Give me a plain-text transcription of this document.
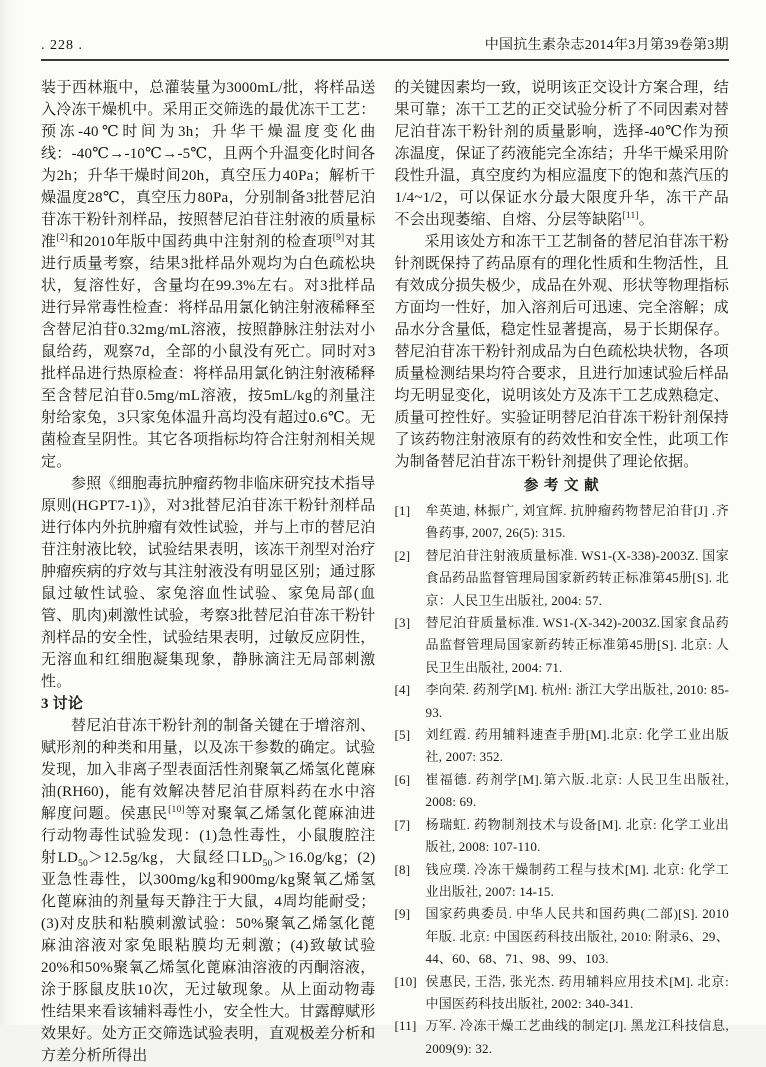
. 228 .	中国抗生素杂志2014年3月第39卷第3期

装于西林瓶中，总灌装量为3000mL/批，将样品送入冷冻干燥机中。采用正交筛选的最优冻干工艺：预冻-40℃时间为3h；升华干燥温度变化曲线：-40℃→-10℃→-5℃，且两个升温变化时间各为2h；升华干燥时间20h，真空压力40Pa；解析干燥温度28℃，真空压力80Pa，分别制备3批替尼泊苷冻干粉针剂样品，按照替尼泊苷注射液的质量标准[2]和2010年版中国药典中注射剂的检查项[9]对其进行质量考察，结果3批样品外观均为白色疏松块状，复溶性好，含量均在99.3%左右。对3批样品进行异常毒性检查：将样品用氯化钠注射液稀释至含替尼泊苷0.32mg/mL溶液，按照静脉注射法对小鼠给药，观察7d，全部的小鼠没有死亡。同时对3批样品进行热原检查：将样品用氯化钠注射液稀释至含替尼泊苷0.5mg/mL溶液，按5mL/kg的剂量注射给家兔，3只家兔体温升高均没有超过0.6℃。无菌检查呈阴性。其它各项指标均符合注射剂相关规定。

参照《细胞毒抗肿瘤药物非临床研究技术指导原则(HGPT7-1)》，对3批替尼泊苷冻干粉针剂样品进行体内外抗肿瘤有效性试验，并与上市的替尼泊苷注射液比较，试验结果表明，该冻干剂型对治疗肿瘤疾病的疗效与其注射液没有明显区别；通过豚鼠过敏性试验、家兔溶血性试验、家兔局部(血管、肌肉)刺激性试验，考察3批替尼泊苷冻干粉针剂样品的安全性，试验结果表明，过敏反应阴性，无溶血和红细胞凝集现象，静脉滴注无局部刺激性。

3 讨论

替尼泊苷冻干粉针剂的制备关键在于增溶剂、赋形剂的种类和用量，以及冻干参数的确定。试验发现，加入非离子型表面活性剂聚氧乙烯氢化蓖麻油(RH60)，能有效解决替尼泊苷原料药在水中溶解度问题。侯惠民[10]等对聚氧乙烯氢化蓖麻油进行动物毒性试验发现：(1)急性毒性，小鼠腹腔注射$LD_{50}>12.5g/kg$，大鼠经口$LD_{50}>16.0g/kg$；(2)亚急性毒性，以300mg/kg和900mg/kg聚氧乙烯氢化蓖麻油的剂量每天静注于大鼠，4周均能耐受；(3)对皮肤和粘膜刺激试验：50%聚氧乙烯氢化蓖麻油溶液对家兔眼粘膜均无刺激；(4)致敏试验20%和50%聚氧乙烯氢化蓖麻油溶液的丙酮溶液，涂于豚鼠皮肤10次，无过敏现象。从上面动物毒性结果来看该辅料毒性小，安全性大。甘露醇赋形效果好。处方正交筛选试验表明，直观极差分析和方差分析所得出

的关键因素均一致，说明该正交设计方案合理，结果可靠；冻干工艺的正交试验分析了不同因素对替尼泊苷冻干粉针剂的质量影响，选择-40℃作为预冻温度，保证了药液能完全冻结；升华干燥采用阶段性升温，真空度约为相应温度下的饱和蒸汽压的1/4~1/2，可以保证水分最大限度升华，冻干产品不会出现萎缩、自熔、分层等缺陷[11]。

采用该处方和冻干工艺制备的替尼泊苷冻干粉针剂既保持了药品原有的理化性质和生物活性，且有效成分损失极少，成品在外观、形状等物理指标方面均一性好，加入溶剂后可迅速、完全溶解；成品水分含量低，稳定性显著提高，易于长期保存。替尼泊苷冻干粉针剂成品为白色疏松块状物，各项质量检测结果均符合要求，且进行加速试验后样品均无明显变化，说明该处方及冻干工艺成熟稳定、质量可控性好。实验证明替尼泊苷冻干粉针剂保持了该药物注射液原有的药效性和安全性，此项工作为制备替尼泊苷冻干粉针剂提供了理论依据。

参 考 文 献
[1] 牟英迪, 林振广, 刘宜辉. 抗肿瘤药物替尼泊苷[J] .齐鲁药事, 2007, 26(5): 315.
[2] 替尼泊苷注射液质量标准. WS1-(X-338)-2003Z. 国家食品药品监督管理局国家新药转正标准第45册[S]. 北京：人民卫生出版社, 2004: 57.
[3] 替尼泊苷质量标准. WS1-(X-342)-2003Z.国家食品药品监督管理局国家新药转正标准第45册[S]. 北京: 人民卫生出版社, 2004: 71.
[4] 李向荣. 药剂学[M]. 杭州: 浙江大学出版社, 2010: 85-93.
[5] 刘红霞. 药用辅料速查手册[M].北京: 化学工业出版社, 2007: 352.
[6] 崔福德. 药剂学[M].第六版.北京: 人民卫生出版社, 2008: 69.
[7] 杨瑞虹. 药物制剂技术与设备[M]. 北京: 化学工业出版社, 2008: 107-110.
[8] 钱应璞. 冷冻干燥制药工程与技术[M]. 北京: 化学工业出版社, 2007: 14-15.
[9] 国家药典委员. 中华人民共和国药典(二部)[S]. 2010年版. 北京: 中国医药科技出版社, 2010: 附录6、29、44、60、68、71、98、99、103.
[10] 侯惠民, 王浩, 张光杰. 药用辅料应用技术[M]. 北京: 中国医药科技出版社, 2002: 340-341.
[11] 万军. 冷冻干燥工艺曲线的制定[J]. 黑龙江科技信息, 2009(9): 32.
